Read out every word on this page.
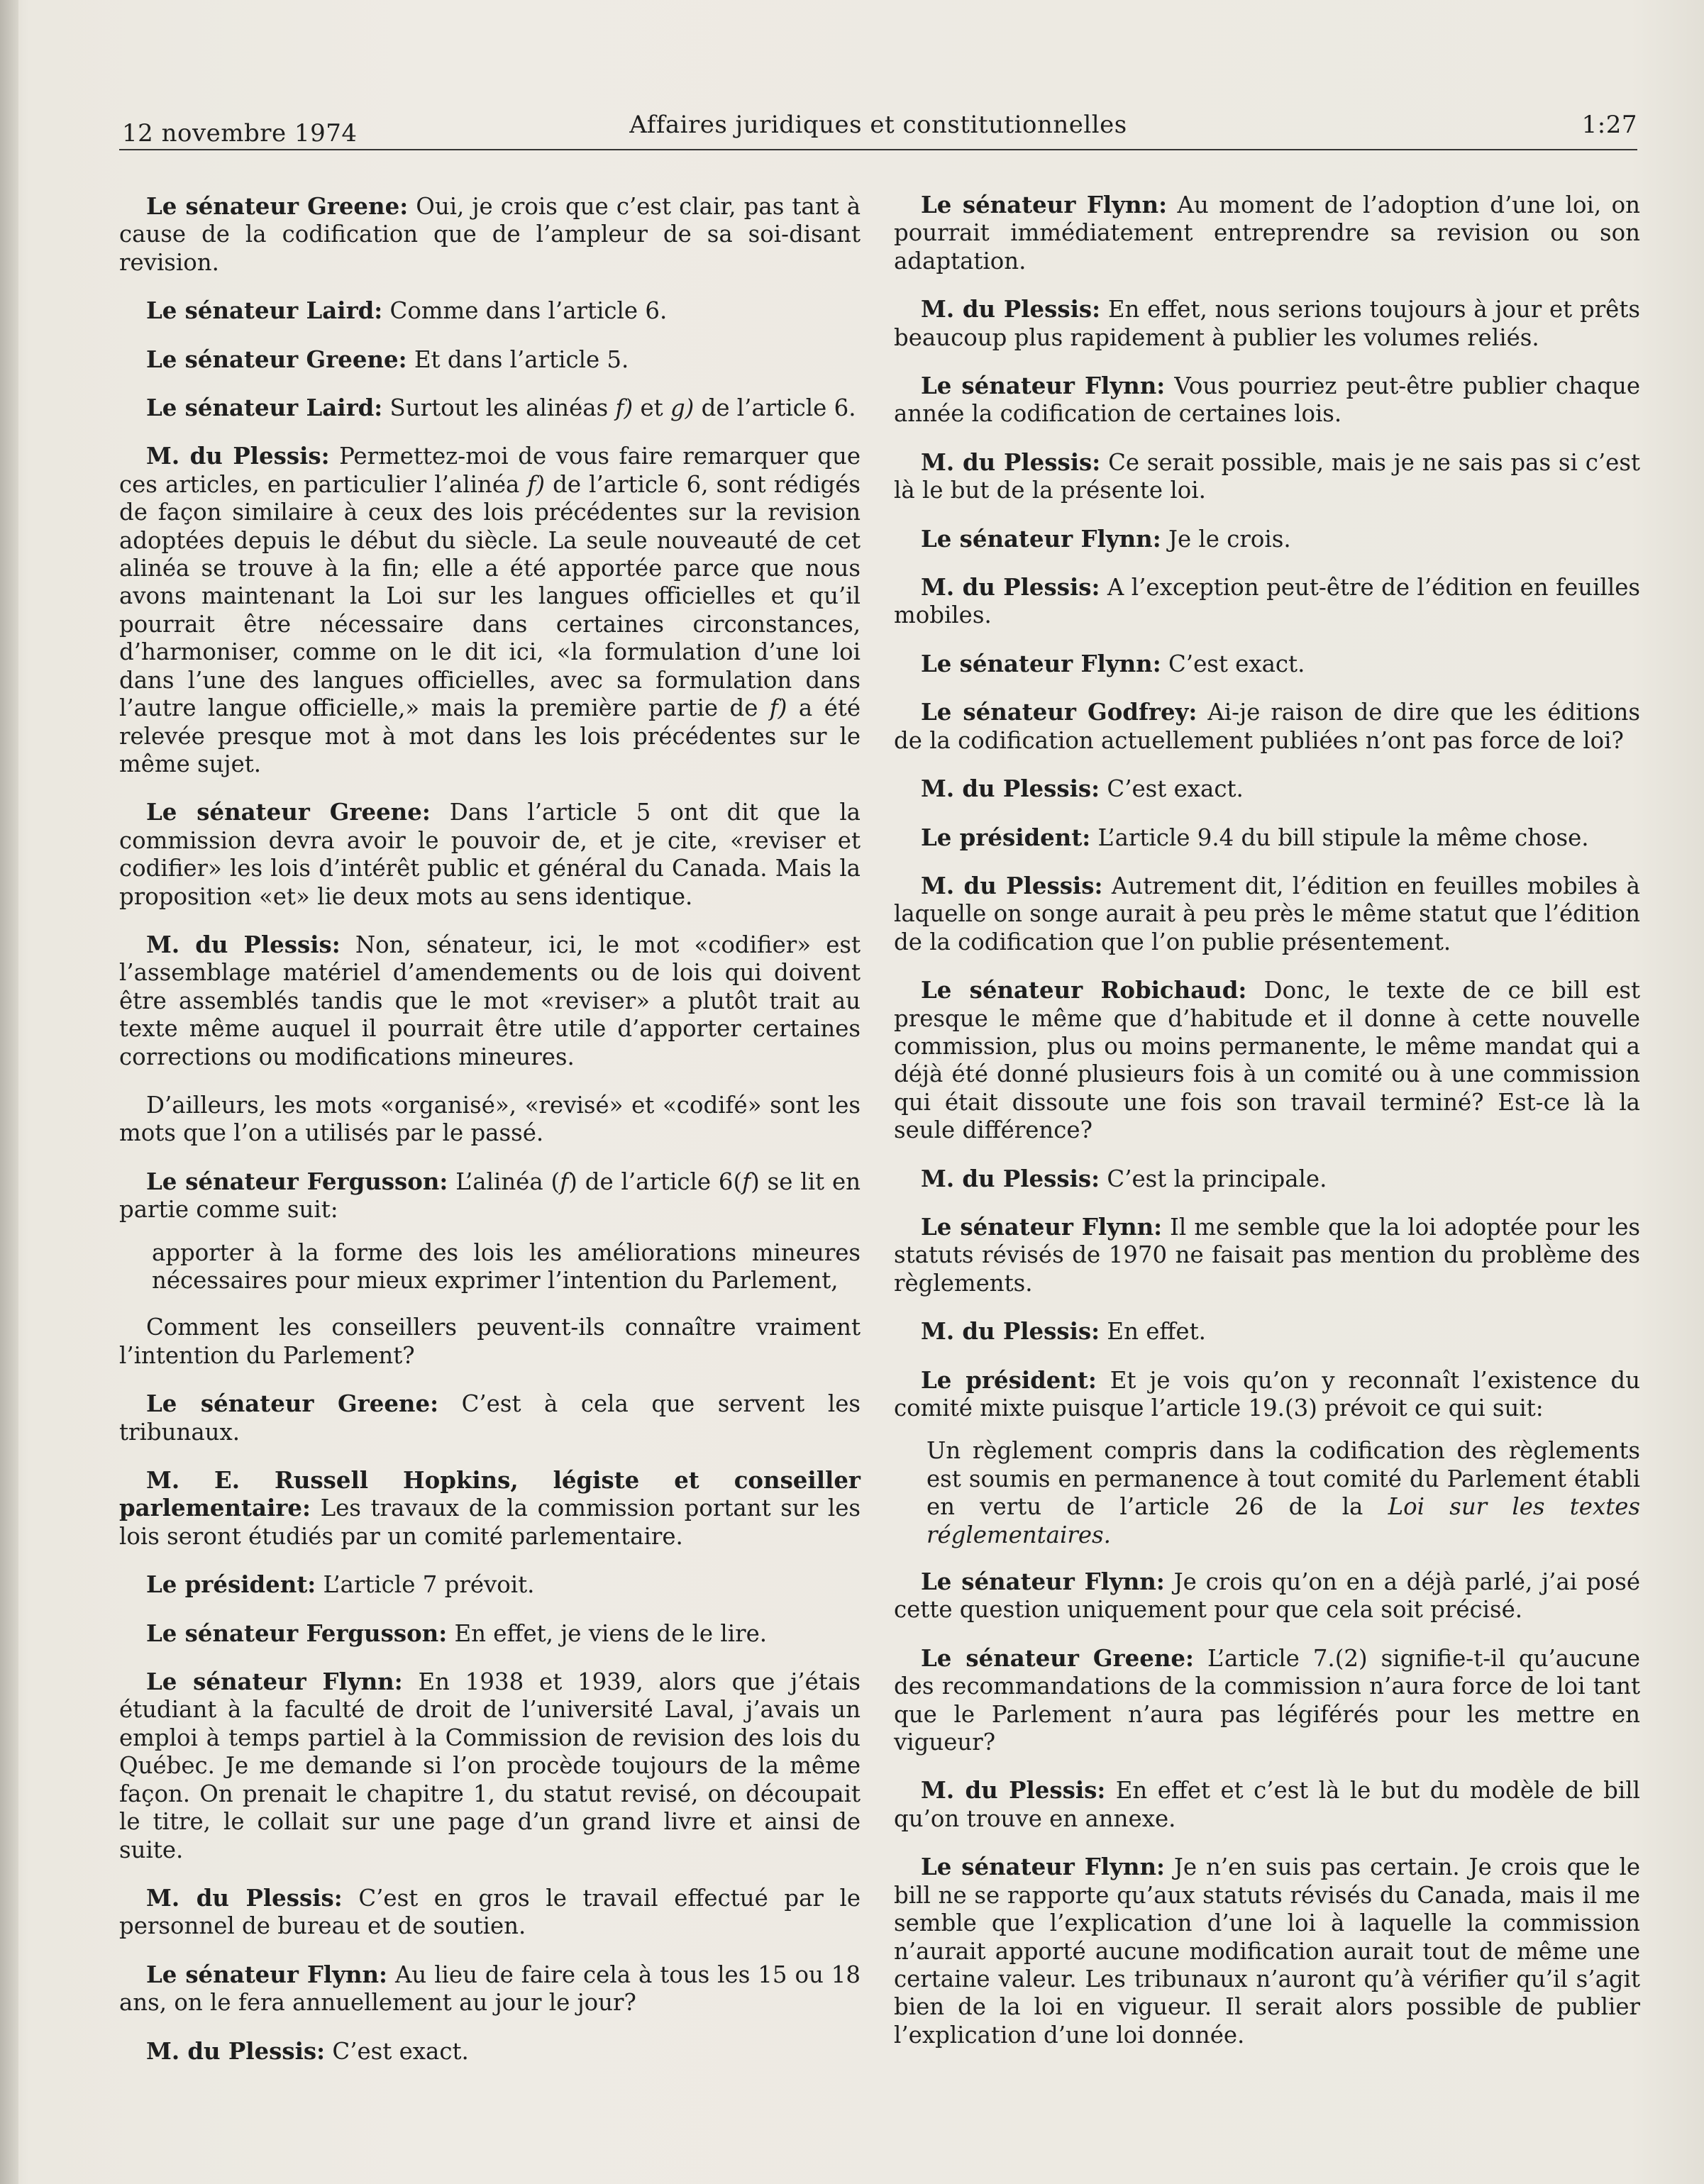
12 novembre 1974	Affaires juridiques et constitutionnelles	1:27

Le sénateur Greene: Oui, je crois que c’est clair, pas tant à cause de la codification que de l’ampleur de sa soi-disant revision.

Le sénateur Laird: Comme dans l’article 6.

Le sénateur Greene: Et dans l’article 5.

Le sénateur Laird: Surtout les alinéas f) et g) de l’article 6.

M. du Plessis: Permettez-moi de vous faire remarquer que ces articles, en particulier l’alinéa f) de l’article 6, sont rédigés de façon similaire à ceux des lois précédentes sur la revision adoptées depuis le début du siècle. La seule nouveauté de cet alinéa se trouve à la fin; elle a été apportée parce que nous avons maintenant la Loi sur les langues officielles et qu’il pourrait être nécessaire dans certaines circonstances, d’harmoniser, comme on le dit ici, «la formulation d’une loi dans l’une des langues officielles, avec sa formulation dans l’autre langue officielle,» mais la première partie de f) a été relevée presque mot à mot dans les lois précédentes sur le même sujet.

Le sénateur Greene: Dans l’article 5 ont dit que la commission devra avoir le pouvoir de, et je cite, «reviser et codifier» les lois d’intérêt public et général du Canada. Mais la proposition «et» lie deux mots au sens identique.

M. du Plessis: Non, sénateur, ici, le mot «codifier» est l’assemblage matériel d’amendements ou de lois qui doivent être assemblés tandis que le mot «reviser» a plutôt trait au texte même auquel il pourrait être utile d’apporter certaines corrections ou modifications mineures.

D’ailleurs, les mots «organisé», «revisé» et «codifé» sont les mots que l’on a utilisés par le passé.

Le sénateur Fergusson: L’alinéa (f) de l’article 6(f) se lit en partie comme suit:

apporter à la forme des lois les améliorations mineures nécessaires pour mieux exprimer l’intention du Parlement,

Comment les conseillers peuvent-ils connaître vraiment l’intention du Parlement?

Le sénateur Greene: C’est à cela que servent les tribunaux.

M. E. Russell Hopkins, légiste et conseiller parlementaire: Les travaux de la commission portant sur les lois seront étudiés par un comité parlementaire.

Le président: L’article 7 prévoit.

Le sénateur Fergusson: En effet, je viens de le lire.

Le sénateur Flynn: En 1938 et 1939, alors que j’étais étudiant à la faculté de droit de l’université Laval, j’avais un emploi à temps partiel à la Commission de revision des lois du Québec. Je me demande si l’on procède toujours de la même façon. On prenait le chapitre 1, du statut revisé, on découpait le titre, le collait sur une page d’un grand livre et ainsi de suite.

M. du Plessis: C’est en gros le travail effectué par le personnel de bureau et de soutien.

Le sénateur Flynn: Au lieu de faire cela à tous les 15 ou 18 ans, on le fera annuellement au jour le jour?

M. du Plessis: C’est exact.

Le sénateur Flynn: Au moment de l’adoption d’une loi, on pourrait immédiatement entreprendre sa revision ou son adaptation.

M. du Plessis: En effet, nous serions toujours à jour et prêts beaucoup plus rapidement à publier les volumes reliés.

Le sénateur Flynn: Vous pourriez peut-être publier chaque année la codification de certaines lois.

M. du Plessis: Ce serait possible, mais je ne sais pas si c’est là le but de la présente loi.

Le sénateur Flynn: Je le crois.

M. du Plessis: A l’exception peut-être de l’édition en feuilles mobiles.

Le sénateur Flynn: C’est exact.

Le sénateur Godfrey: Ai-je raison de dire que les éditions de la codification actuellement publiées n’ont pas force de loi?

M. du Plessis: C’est exact.

Le président: L’article 9.4 du bill stipule la même chose.

M. du Plessis: Autrement dit, l’édition en feuilles mobiles à laquelle on songe aurait à peu près le même statut que l’édition de la codification que l’on publie présentement.

Le sénateur Robichaud: Donc, le texte de ce bill est presque le même que d’habitude et il donne à cette nouvelle commission, plus ou moins permanente, le même mandat qui a déjà été donné plusieurs fois à un comité ou à une commission qui était dissoute une fois son travail terminé? Est-ce là la seule différence?

M. du Plessis: C’est la principale.

Le sénateur Flynn: Il me semble que la loi adoptée pour les statuts révisés de 1970 ne faisait pas mention du problème des règlements.

M. du Plessis: En effet.

Le président: Et je vois qu’on y reconnaît l’existence du comité mixte puisque l’article 19.(3) prévoit ce qui suit:

Un règlement compris dans la codification des règlements est soumis en permanence à tout comité du Parlement établi en vertu de l’article 26 de la Loi sur les textes réglementaires.

Le sénateur Flynn: Je crois qu’on en a déjà parlé, j’ai posé cette question uniquement pour que cela soit précisé.

Le sénateur Greene: L’article 7.(2) signifie-t-il qu’aucune des recommandations de la commission n’aura force de loi tant que le Parlement n’aura pas légiférés pour les mettre en vigueur?

M. du Plessis: En effet et c’est là le but du modèle de bill qu’on trouve en annexe.

Le sénateur Flynn: Je n’en suis pas certain. Je crois que le bill ne se rapporte qu’aux statuts révisés du Canada, mais il me semble que l’explication d’une loi à laquelle la commission n’aurait apporté aucune modification aurait tout de même une certaine valeur. Les tribunaux n’auront qu’à vérifier qu’il s’agit bien de la loi en vigueur. Il serait alors possible de publier l’explication d’une loi donnée.
